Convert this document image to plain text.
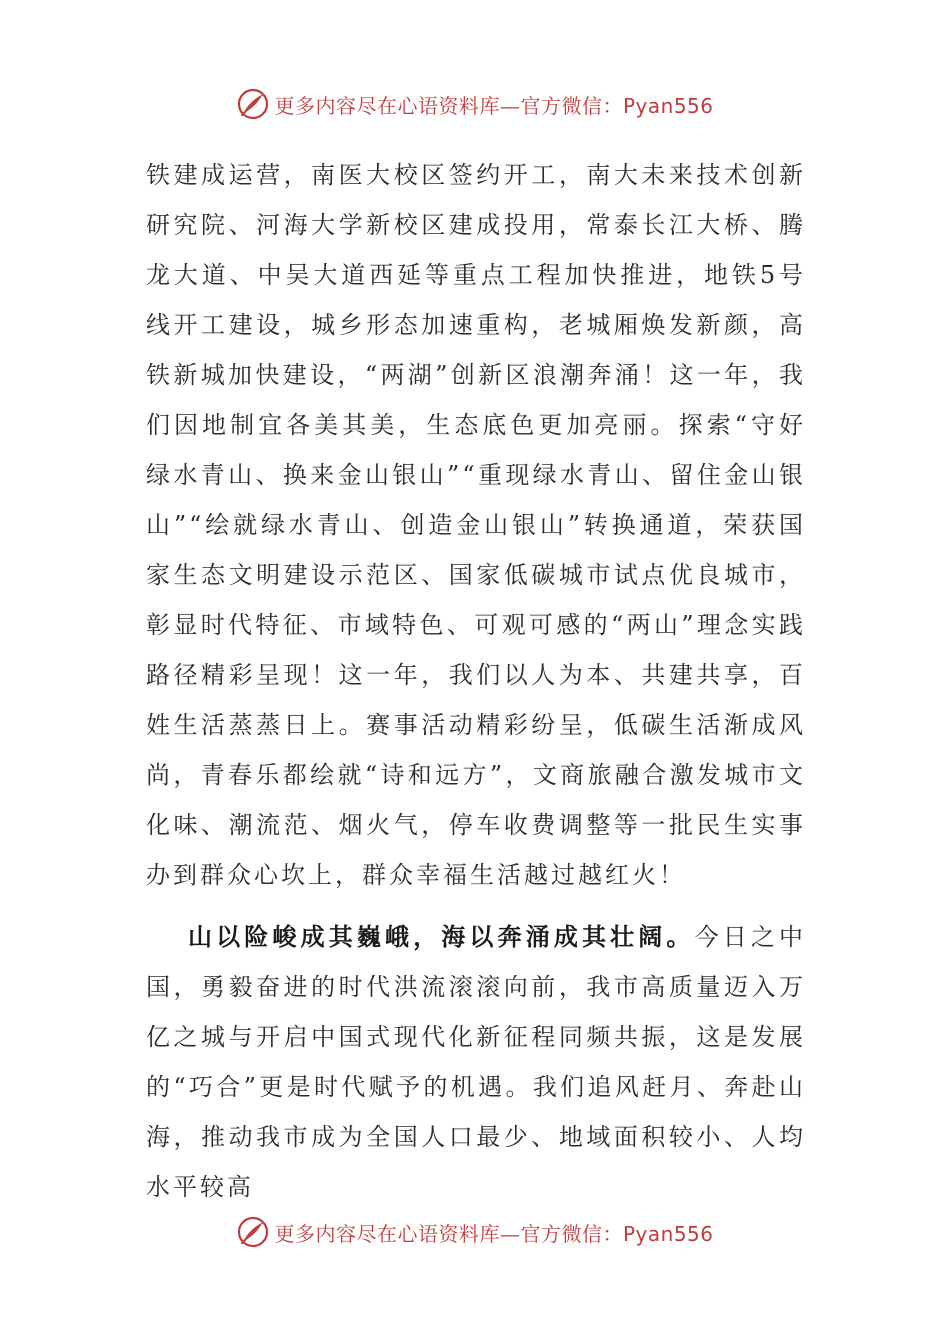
更多内容尽在心语资料库—官方微信：Pyan556

铁建成运营，南医大校区签约开工，南大未来技术创新研究院、河海大学新校区建成投用，常泰长江大桥、腾龙大道、中吴大道西延等重点工程加快推进，地铁5号线开工建设，城乡形态加速重构，老城厢焕发新颜，高铁新城加快建设，“两湖”创新区浪潮奔涌！这一年，我们因地制宜各美其美，生态底色更加亮丽。探索“守好绿水青山、换来金山银山”“重现绿水青山、留住金山银山”“绘就绿水青山、创造金山银山”转换通道，荣获国家生态文明建设示范区、国家低碳城市试点优良城市，彰显时代特征、市域特色、可观可感的“两山”理念实践路径精彩呈现！这一年，我们以人为本、共建共享，百姓生活蒸蒸日上。赛事活动精彩纷呈，低碳生活渐成风尚，青春乐都绘就“诗和远方”，文商旅融合激发城市文化味、潮流范、烟火气，停车收费调整等一批民生实事办到群众心坎上，群众幸福生活越过越红火！

山以险峻成其巍峨，海以奔涌成其壮阔。今日之中国，勇毅奋进的时代洪流滚滚向前，我市高质量迈入万亿之城与开启中国式现代化新征程同频共振，这是发展的“巧合”更是时代赋予的机遇。我们追风赶月、奔赴山海，推动我市成为全国人口最少、地域面积较小、人均水平较高

更多内容尽在心语资料库—官方微信：Pyan556
